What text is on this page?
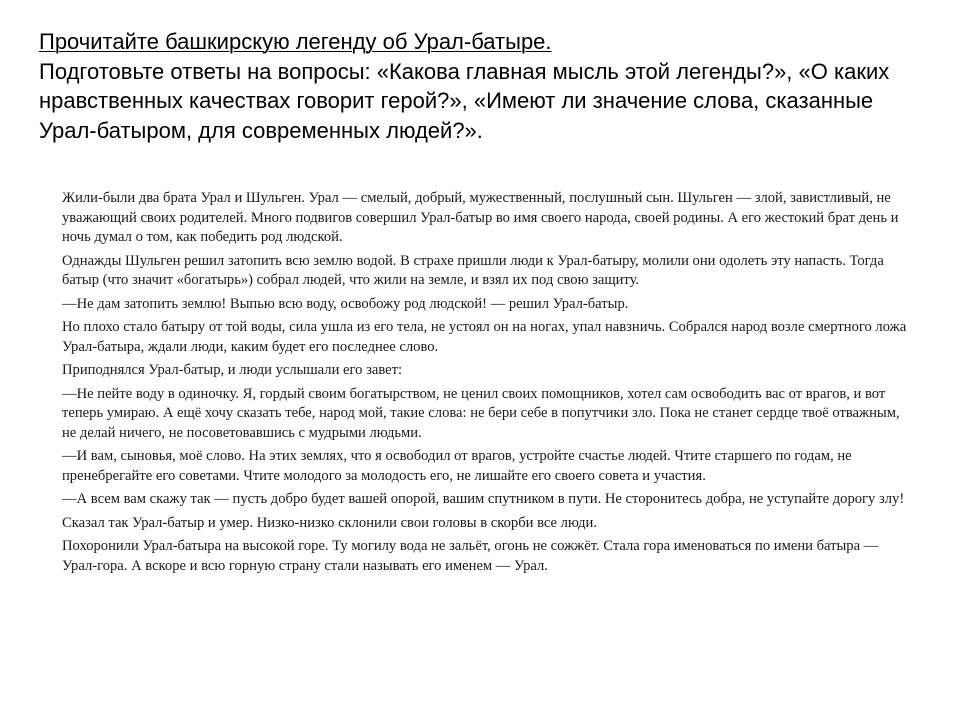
Прочитайте башкирскую легенду об Урал-батыре.
Подготовьте ответы на вопросы: «Какова главная мысль этой легенды?», «О каких нравственных качествах говорит герой?», «Имеют ли значение слова, сказанные Урал-батыром, для современных людей?».

Жили-были два брата Урал и Шульген. Урал — смелый, добрый, мужественный, послушный сын. Шульген — злой, завистливый, не уважающий своих родителей. Много подвигов совершил Урал-батыр во имя своего народа, своей родины. А его жестокий брат день и ночь думал о том, как победить род людской.

Однажды Шульген решил затопить всю землю водой. В страхе пришли люди к Урал-батыру, молили они одолеть эту напасть. Тогда батыр (что значит «богатырь») собрал людей, что жили на земле, и взял их под свою защиту.

—Не дам затопить землю! Выпью всю воду, освобожу род людской! — решил Урал-батыр.

Но плохо стало батыру от той воды, сила ушла из его тела, не устоял он на ногах, упал навзничь. Собрался народ возле смертного ложа Урал-батыра, ждали люди, каким будет его последнее слово.

Приподнялся Урал-батыр, и люди услышали его завет:

—Не пейте воду в одиночку. Я, гордый своим богатырством, не ценил своих помощников, хотел сам освободить вас от врагов, и вот теперь умираю. А ещё хочу сказать тебе, народ мой, такие слова: не бери себе в попутчики зло. Пока не станет сердце твоё отважным, не делай ничего, не посоветовавшись с мудрыми людьми.

—И вам, сыновья, моё слово. На этих землях, что я освободил от врагов, устройте счастье людей. Чтите старшего по годам, не пренебрегайте его советами. Чтите молодого за молодость его, не лишайте его своего совета и участия.

—А всем вам скажу так — пусть добро будет вашей опорой, вашим спутником в пути. Не сторонитесь добра, не уступайте дорогу злу!

Сказал так Урал-батыр и умер. Низко-низко склонили свои головы в скорби все люди.

Похоронили Урал-батыра на высокой горе. Ту могилу вода не зальёт, огонь не сожжёт. Стала гора именоваться по имени батыра — Урал-гора. А вскоре и всю горную страну стали называть его именем — Урал.
